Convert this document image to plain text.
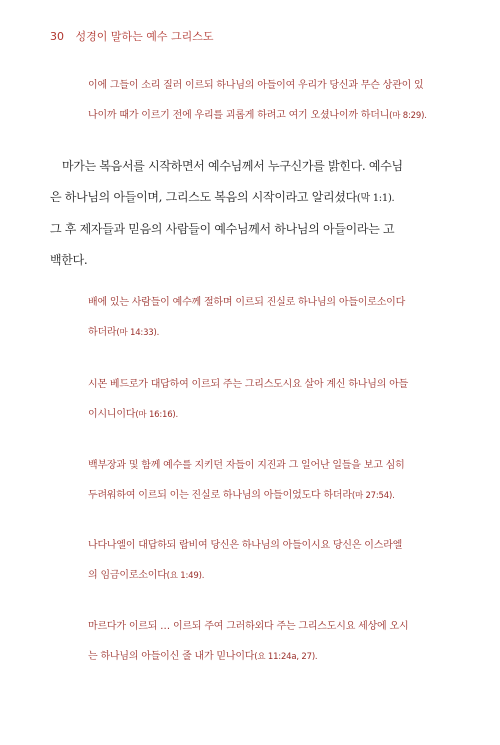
30 성경이 말하는 예수 그리스도
이에 그들이 소리 질러 이르되 하나님의 아들이여 우리가 당신과 무슨 상관이 있
나이까 때가 이르기 전에 우리를 괴롭게 하려고 여기 오셨나이까 하더니(마 8:29).
마가는 복음서를 시작하면서 예수님께서 누구신가를 밝힌다. 예수님
은 하나님의 아들이며, 그리스도 복음의 시작이라고 알리셨다(막 1:1).
그 후 제자들과 믿음의 사람들이 예수님께서 하나님의 아들이라는 고
백한다.
배에 있는 사람들이 예수께 절하며 이르되 진실로 하나님의 아들이로소이다
하더라(마 14:33).
시몬 베드로가 대답하여 이르되 주는 그리스도시요 살아 계신 하나님의 아들
이시니이다(마 16:16).
백부장과 및 함께 예수를 지키던 자들이 지진과 그 일어난 일들을 보고 심히
두려워하여 이르되 이는 진실로 하나님의 아들이었도다 하더라(마 27:54).
나다나엘이 대답하되 랍비여 당신은 하나님의 아들이시요 당신은 이스라엘
의 임금이로소이다(요 1:49).
마르다가 이르되 … 이르되 주여 그러하외다 주는 그리스도시요 세상에 오시
는 하나님의 아들이신 줄 내가 믿나이다(요 11:24a, 27).
